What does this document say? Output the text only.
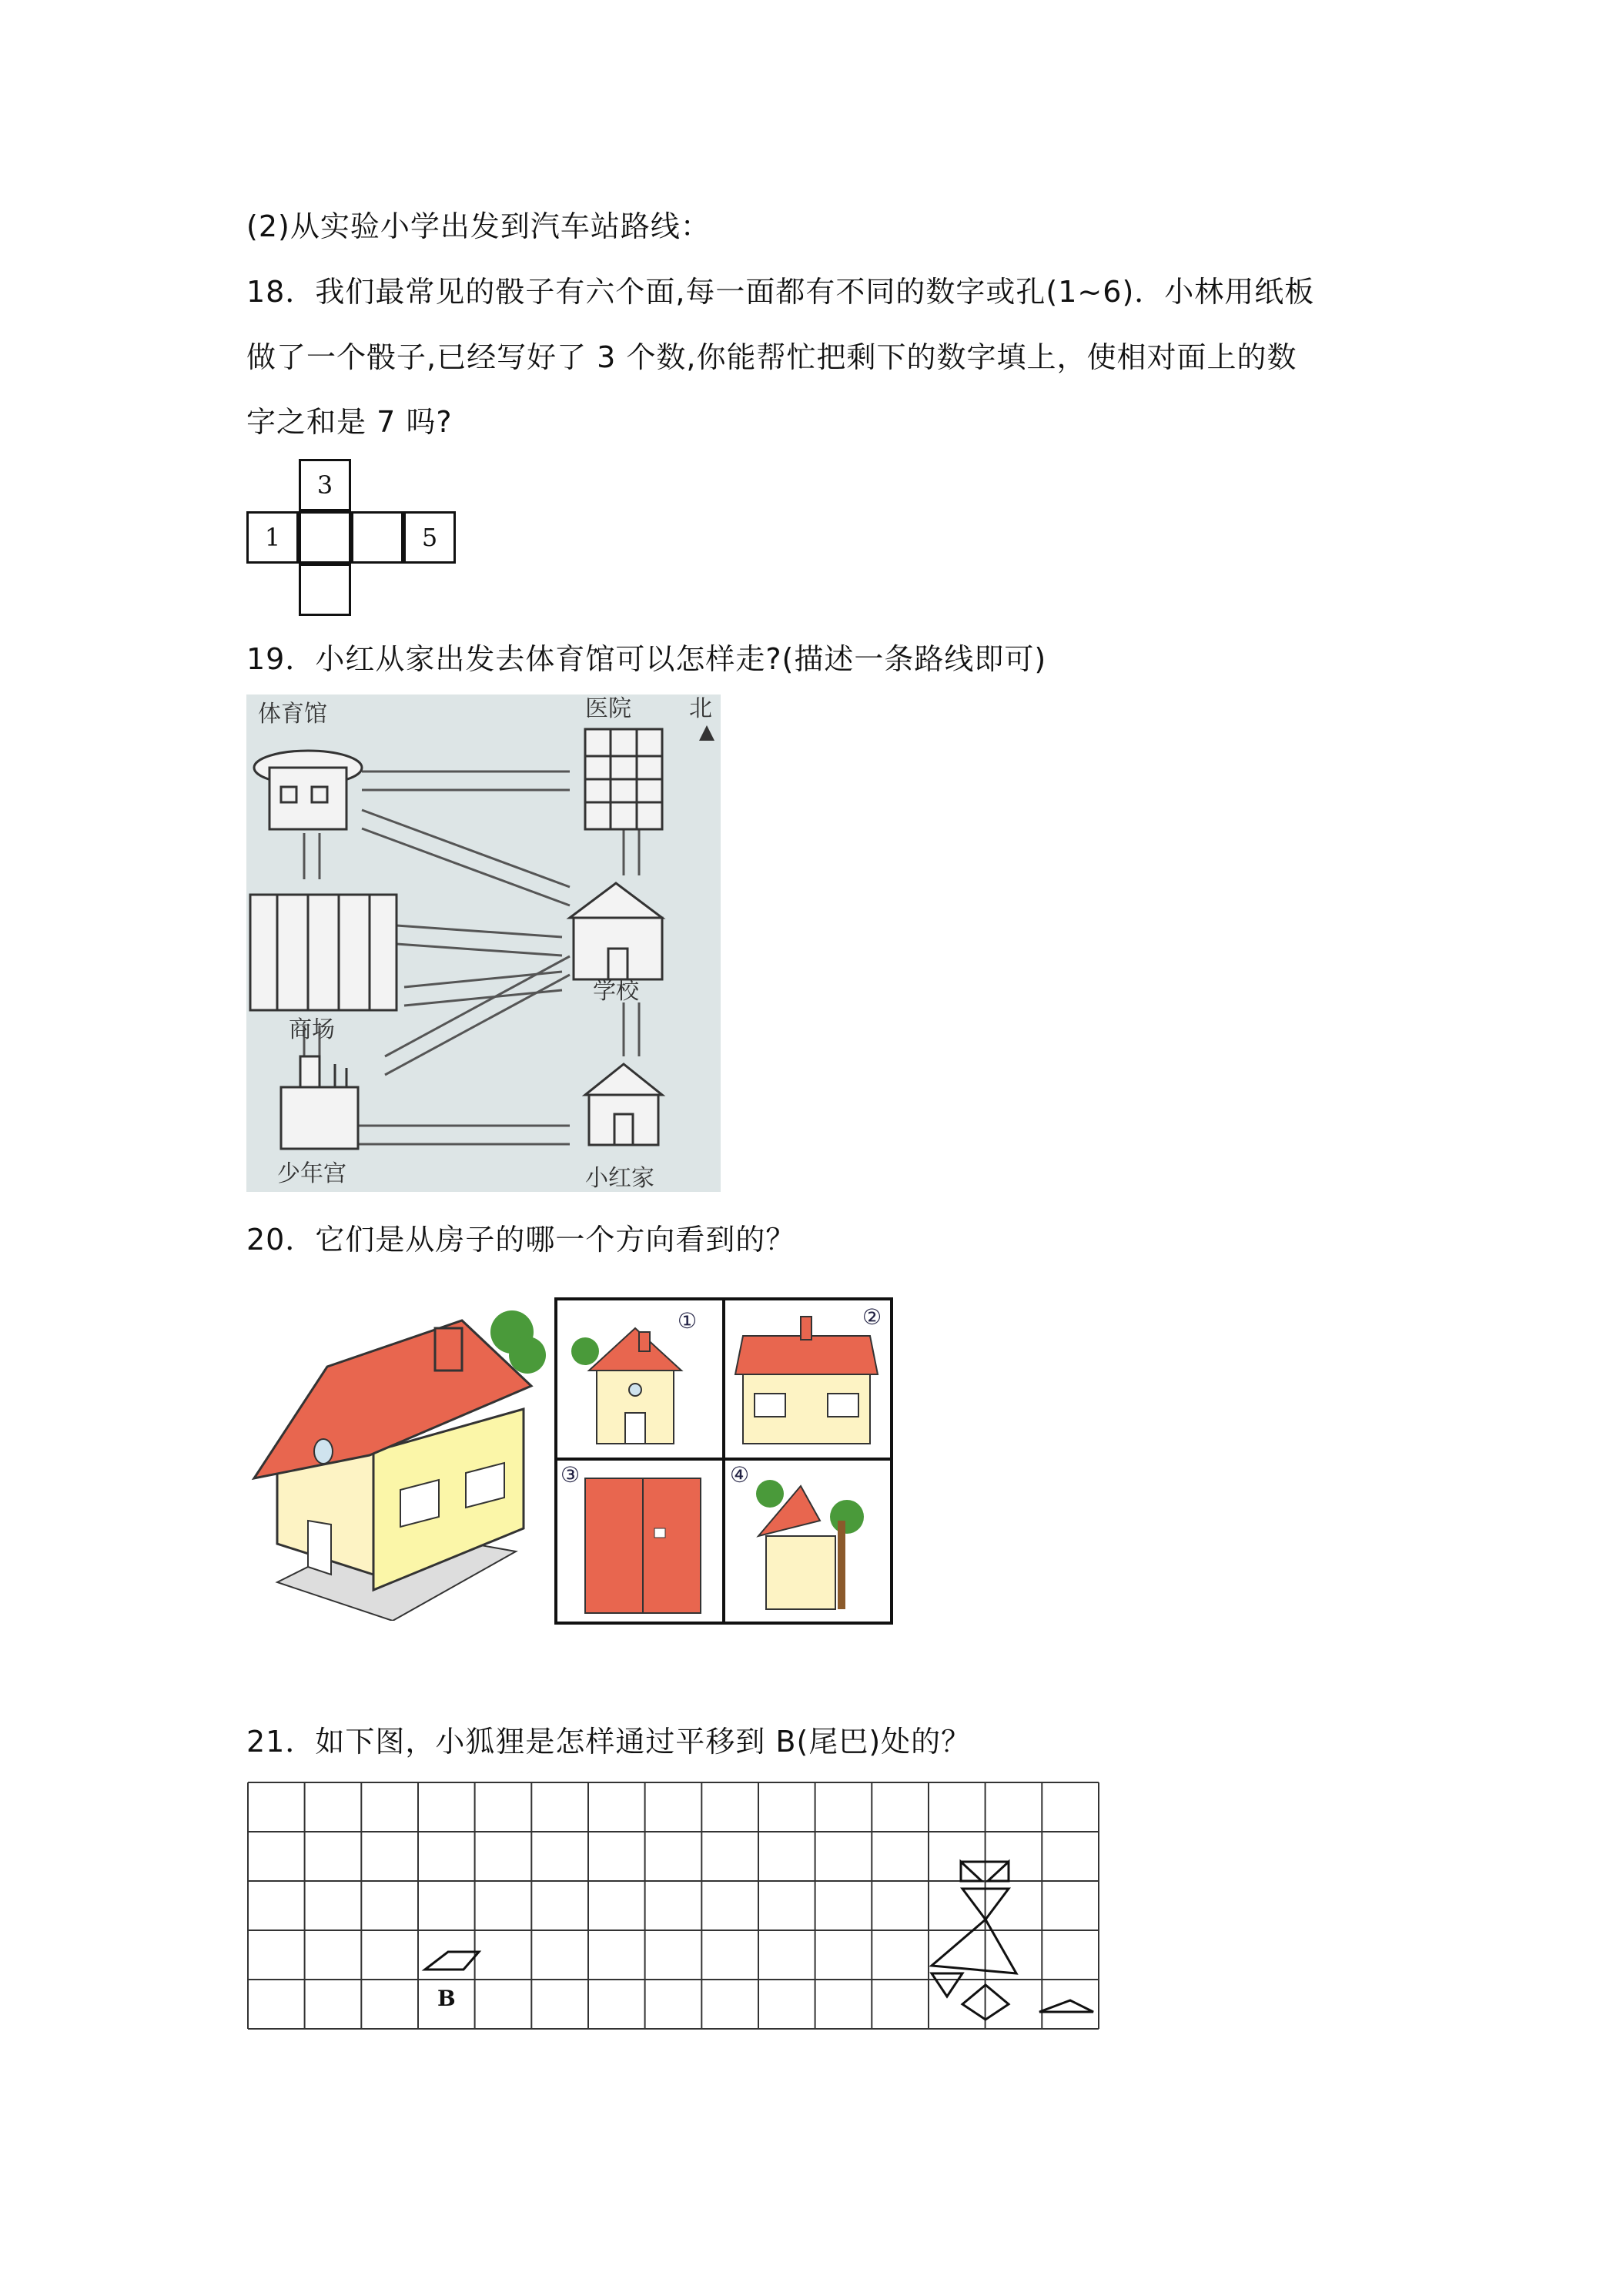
(2)从实验小学出发到汽车站路线：
18．我们最常见的骰子有六个面,每一面都有不同的数字或孔(1~6)．小林用纸板
做了一个骰子,已经写好了 3 个数,你能帮忙把剩下的数字填上，使相对面上的数
字之和是 7 吗?
3
1	5
19．小红从家出发去体育馆可以怎样走?(描述一条路线即可)
体育馆	医院	北
商场
学校
少年宫	小红家
20．它们是从房子的哪一个方向看到的？
①	②
③	④
21．如下图，小狐狸是怎样通过平移到 B(尾巴)处的？
B
